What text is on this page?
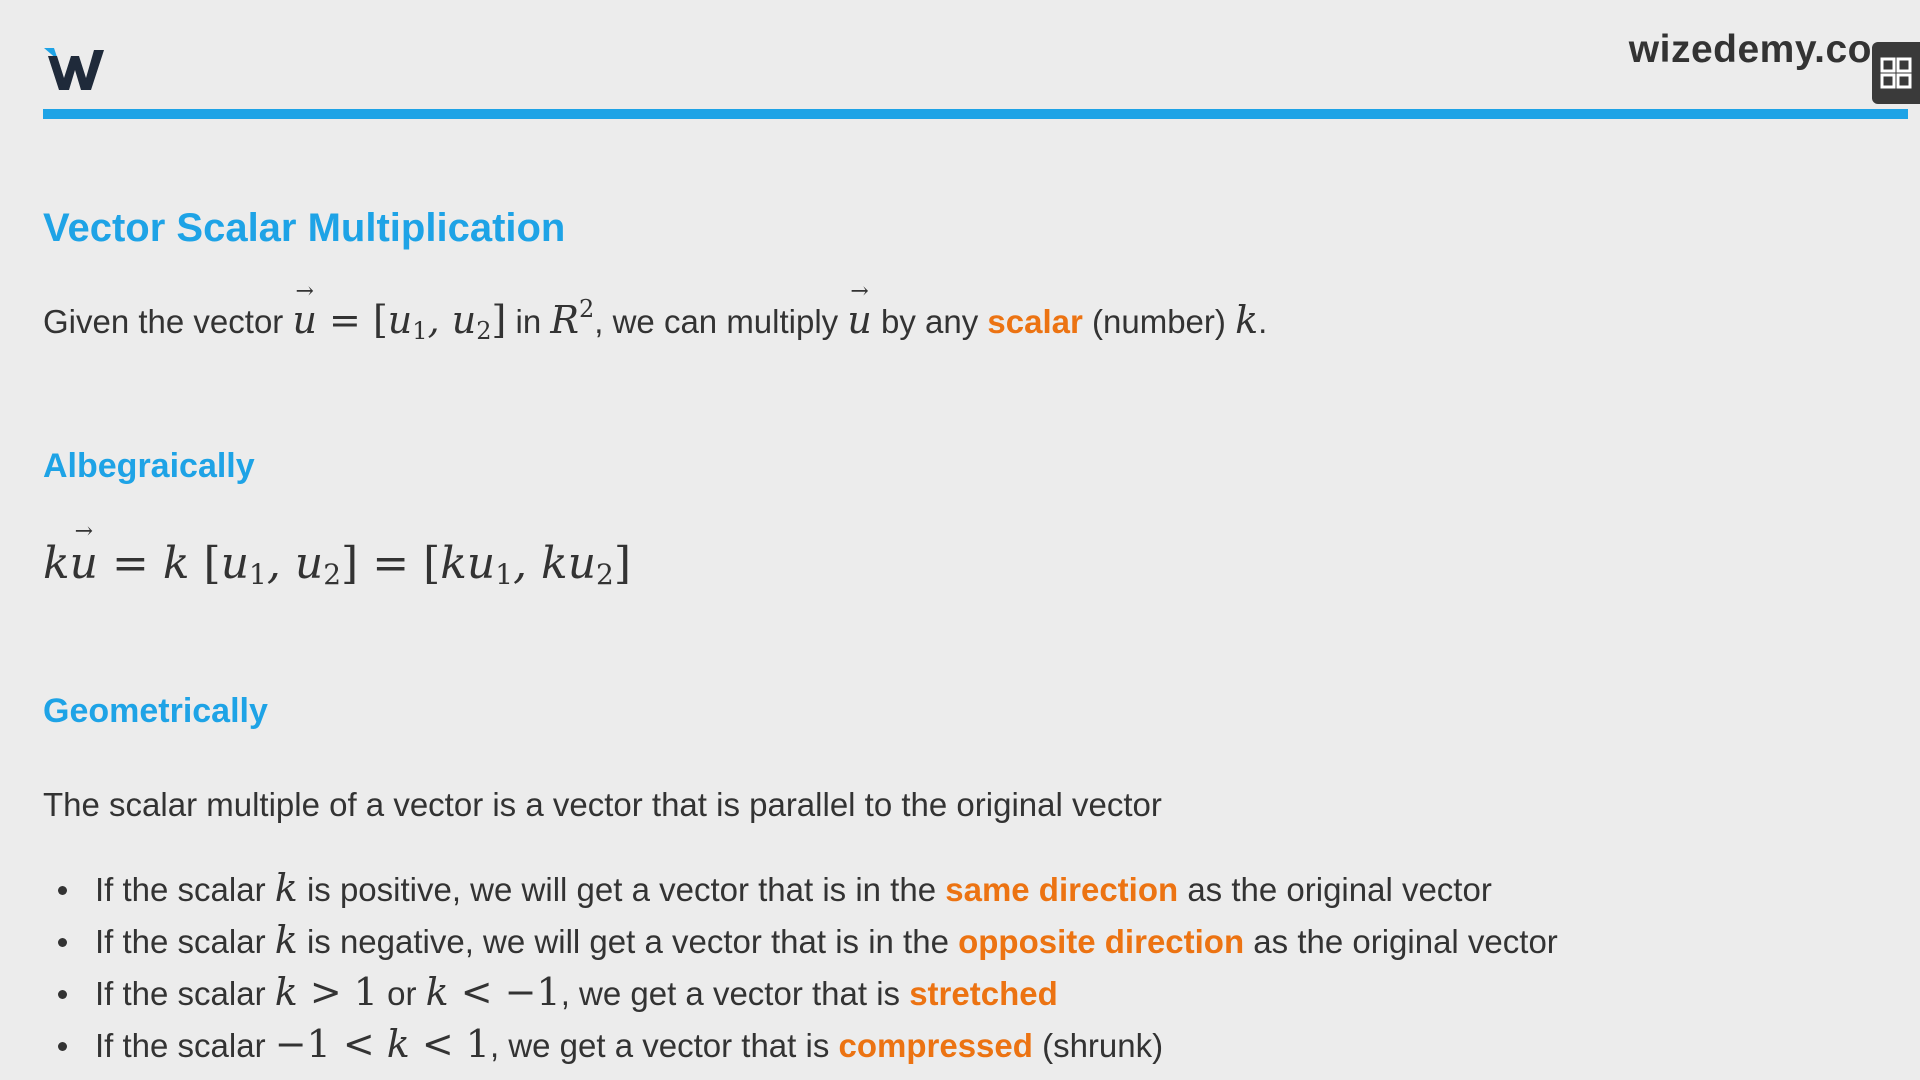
wizedemy.co
Vector Scalar Multiplication

Given the vector → $u = [u_1$, $u_2$] in $R^2$, we can multiply → u by any scalar (number) k.

Albegraically
k→ u = k [$u_1$, $u_2] = [ku_1$, $ku_2$]
Geometrically

The scalar multiple of a vector is a vector that is parallel to the original vector

If the scalar k is positive, we will get a vector that is in the same direction as the original vector
If the scalar k is negative, we will get a vector that is in the opposite direction as the original vector
If the scalar k > 1 or k < −1, we get a vector that is stretched
If the scalar −1 < k < 1, we get a vector that is compressed (shrunk)
